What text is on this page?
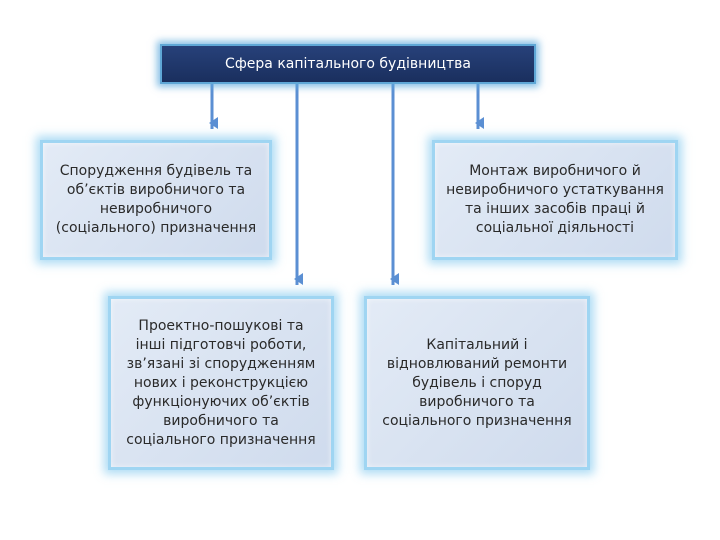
Сфера капітального будівництва
Спорудження будівель та
об’єктів виробничого та
невиробничого
(соціального) призначення
Монтаж виробничого й
невиробничого устаткування
та інших засобів праці й
соціальної діяльності
Проектно-пошукові та
інші підготовчі роботи,
зв’язані зі спорудженням
нових і реконструкцією
функціонуючих об’єктів
виробничого та
соціального призначення
Капітальний і
відновлюваний ремонти
будівель і споруд
виробничого та
соціального призначення
